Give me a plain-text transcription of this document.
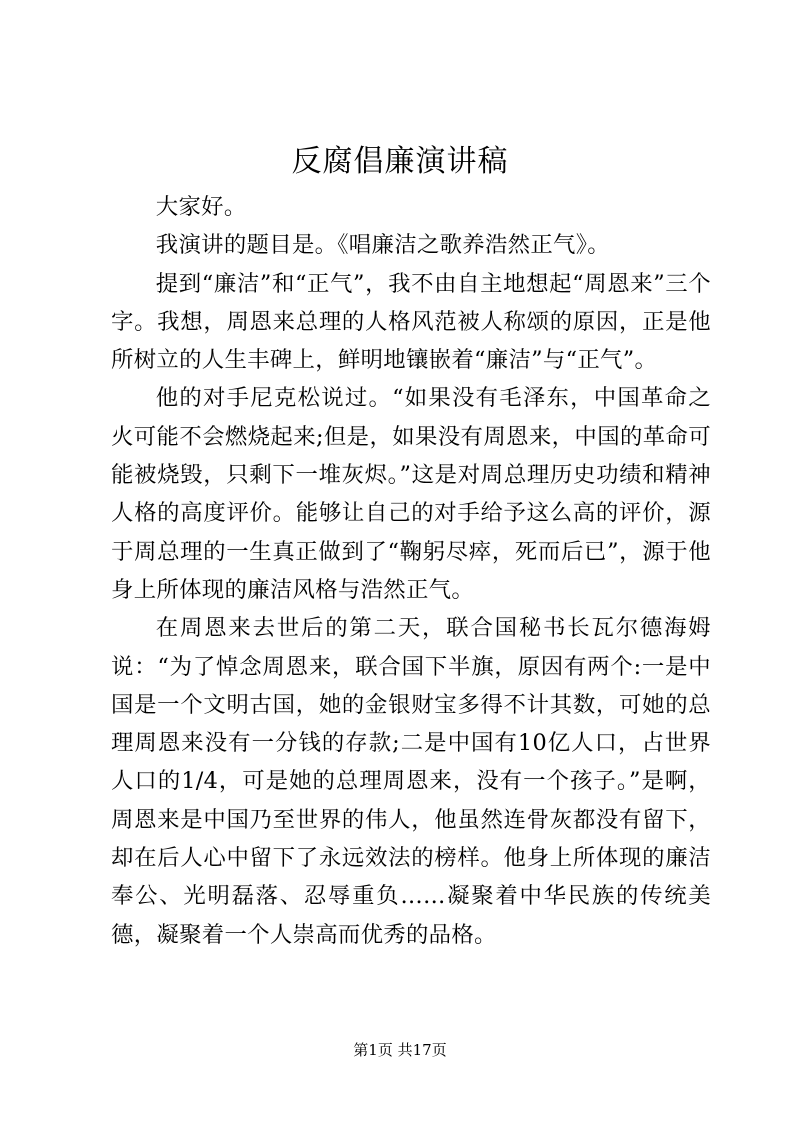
反腐倡廉演讲稿

大家好。

我演讲的题目是。《唱廉洁之歌养浩然正气》。

提到“廉洁”和“正气”，我不由自主地想起“周恩来”三个字。我想，周恩来总理的人格风范被人称颂的原因，正是他所树立的人生丰碑上，鲜明地镶嵌着“廉洁”与“正气”。

他的对手尼克松说过。“如果没有毛泽东，中国革命之火可能不会燃烧起来;但是，如果没有周恩来，中国的革命可能被烧毁，只剩下一堆灰烬。”这是对周总理历史功绩和精神人格的高度评价。能够让自己的对手给予这么高的评价，源于周总理的一生真正做到了“鞠躬尽瘁，死而后已”，源于他身上所体现的廉洁风格与浩然正气。

在周恩来去世后的第二天，联合国秘书长瓦尔德海姆说：“为了悼念周恩来，联合国下半旗，原因有两个:一是中国是一个文明古国，她的金银财宝多得不计其数，可她的总理周恩来没有一分钱的存款;二是中国有10亿人口，占世界人口的1/4，可是她的总理周恩来，没有一个孩子。”是啊，周恩来是中国乃至世界的伟人，他虽然连骨灰都没有留下，却在后人心中留下了永远效法的榜样。他身上所体现的廉洁奉公、光明磊落、忍辱重负……凝聚着中华民族的传统美德，凝聚着一个人崇高而优秀的品格。

第1页 共17页
